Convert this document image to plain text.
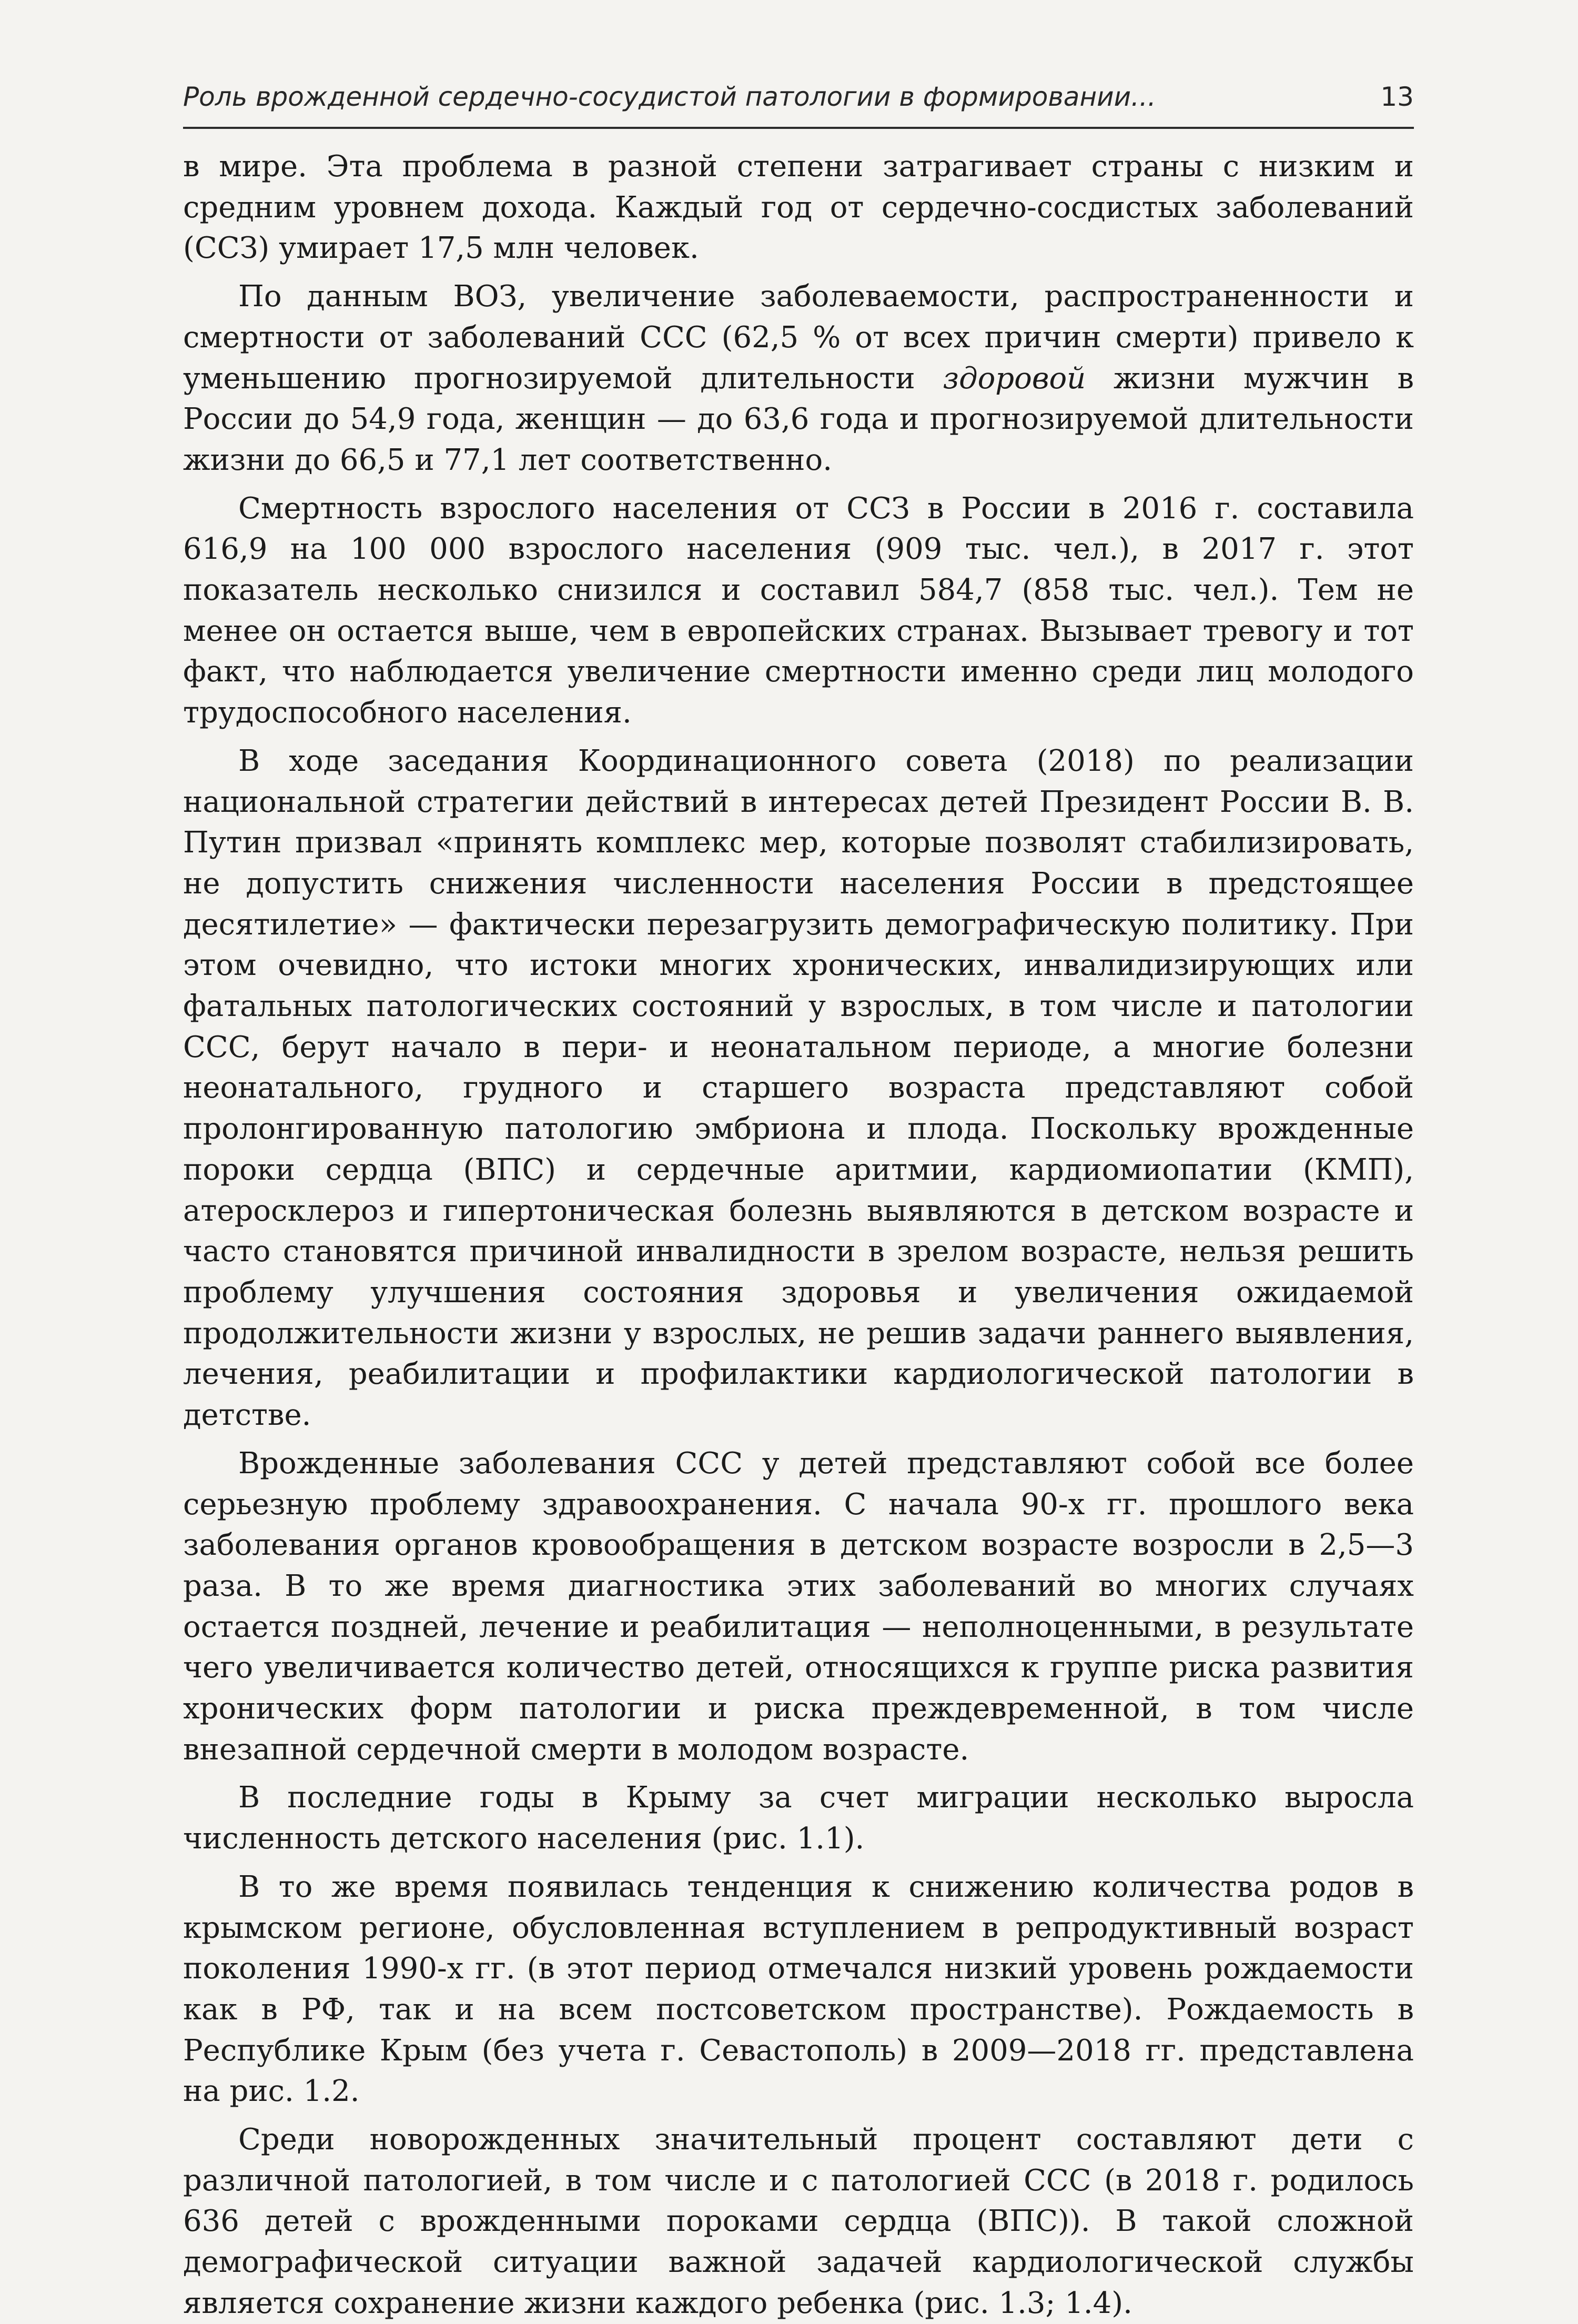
Роль врожденной сердечно-сосудистой патологии в формировании...	13

в мире. Эта проблема в разной степени затрагивает страны с низким и средним уровнем дохода. Каждый год от сердечно-сосдистых заболеваний (ССЗ) умирает 17,5 млн человек.

По данным ВОЗ, увеличение заболеваемости, распространенности и смертности от заболеваний ССС (62,5 % от всех причин смерти) привело к уменьшению прогнозируемой длительности здоровой жизни мужчин в России до 54,9 года, женщин — до 63,6 года и прогнозируемой длительности жизни до 66,5 и 77,1 лет соответственно.

Смертность взрослого населения от ССЗ в России в 2016 г. составила 616,9 на 100 000 взрослого населения (909 тыс. чел.), в 2017 г. этот показатель несколько снизился и составил 584,7 (858 тыс. чел.). Тем не менее он остается выше, чем в европейских странах. Вызывает тревогу и тот факт, что наблюдается увеличение смертности именно среди лиц молодого трудоспособного населения.

В ходе заседания Координационного совета (2018) по реализации национальной стратегии действий в интересах детей Президент России В. В. Путин призвал «принять комплекс мер, которые позволят стабилизировать, не допустить снижения численности населения России в предстоящее десятилетие» — фактически перезагрузить демографическую политику. При этом очевидно, что истоки многих хронических, инвалидизирующих или фатальных патологических состояний у взрослых, в том числе и патологии ССС, берут начало в пери- и неонатальном периоде, а многие болезни неонатального, грудного и старшего возраста представляют собой пролонгированную патологию эмбриона и плода. Поскольку врожденные пороки сердца (ВПС) и сердечные аритмии, кардиомиопатии (КМП), атеросклероз и гипертоническая болезнь выявляются в детском возрасте и часто становятся причиной инвалидности в зрелом возрасте, нельзя решить проблему улучшения состояния здоровья и увеличения ожидаемой продолжительности жизни у взрослых, не решив задачи раннего выявления, лечения, реабилитации и профилактики кардиологической патологии в детстве.

Врожденные заболевания ССС у детей представляют собой все более серьезную проблему здравоохранения. С начала 90-х гг. прошлого века заболевания органов кровообращения в детском возрасте возросли в 2,5—3 раза. В то же время диагностика этих заболеваний во многих случаях остается поздней, лечение и реабилитация — неполноценными, в результате чего увеличивается количество детей, относящихся к группе риска развития хронических форм патологии и риска преждевременной, в том числе внезапной сердечной смерти в молодом возрасте.

В последние годы в Крыму за счет миграции несколько выросла численность детского населения (рис. 1.1).

В то же время появилась тенденция к снижению количества родов в крымском регионе, обусловленная вступлением в репродуктивный возраст поколения 1990-х гг. (в этот период отмечался низкий уровень рождаемости как в РФ, так и на всем постсоветском пространстве). Рождаемость в Республике Крым (без учета г. Севастополь) в 2009—2018 гг. представлена на рис. 1.2.

Среди новорожденных значительный процент составляют дети с различной патологией, в том числе и с патологией ССС (в 2018 г. родилось 636 детей с врожденными пороками сердца (ВПС)). В такой сложной демографической ситуации важной задачей кардиологической службы является сохранение жизни каждого ребенка (рис. 1.3; 1.4).
